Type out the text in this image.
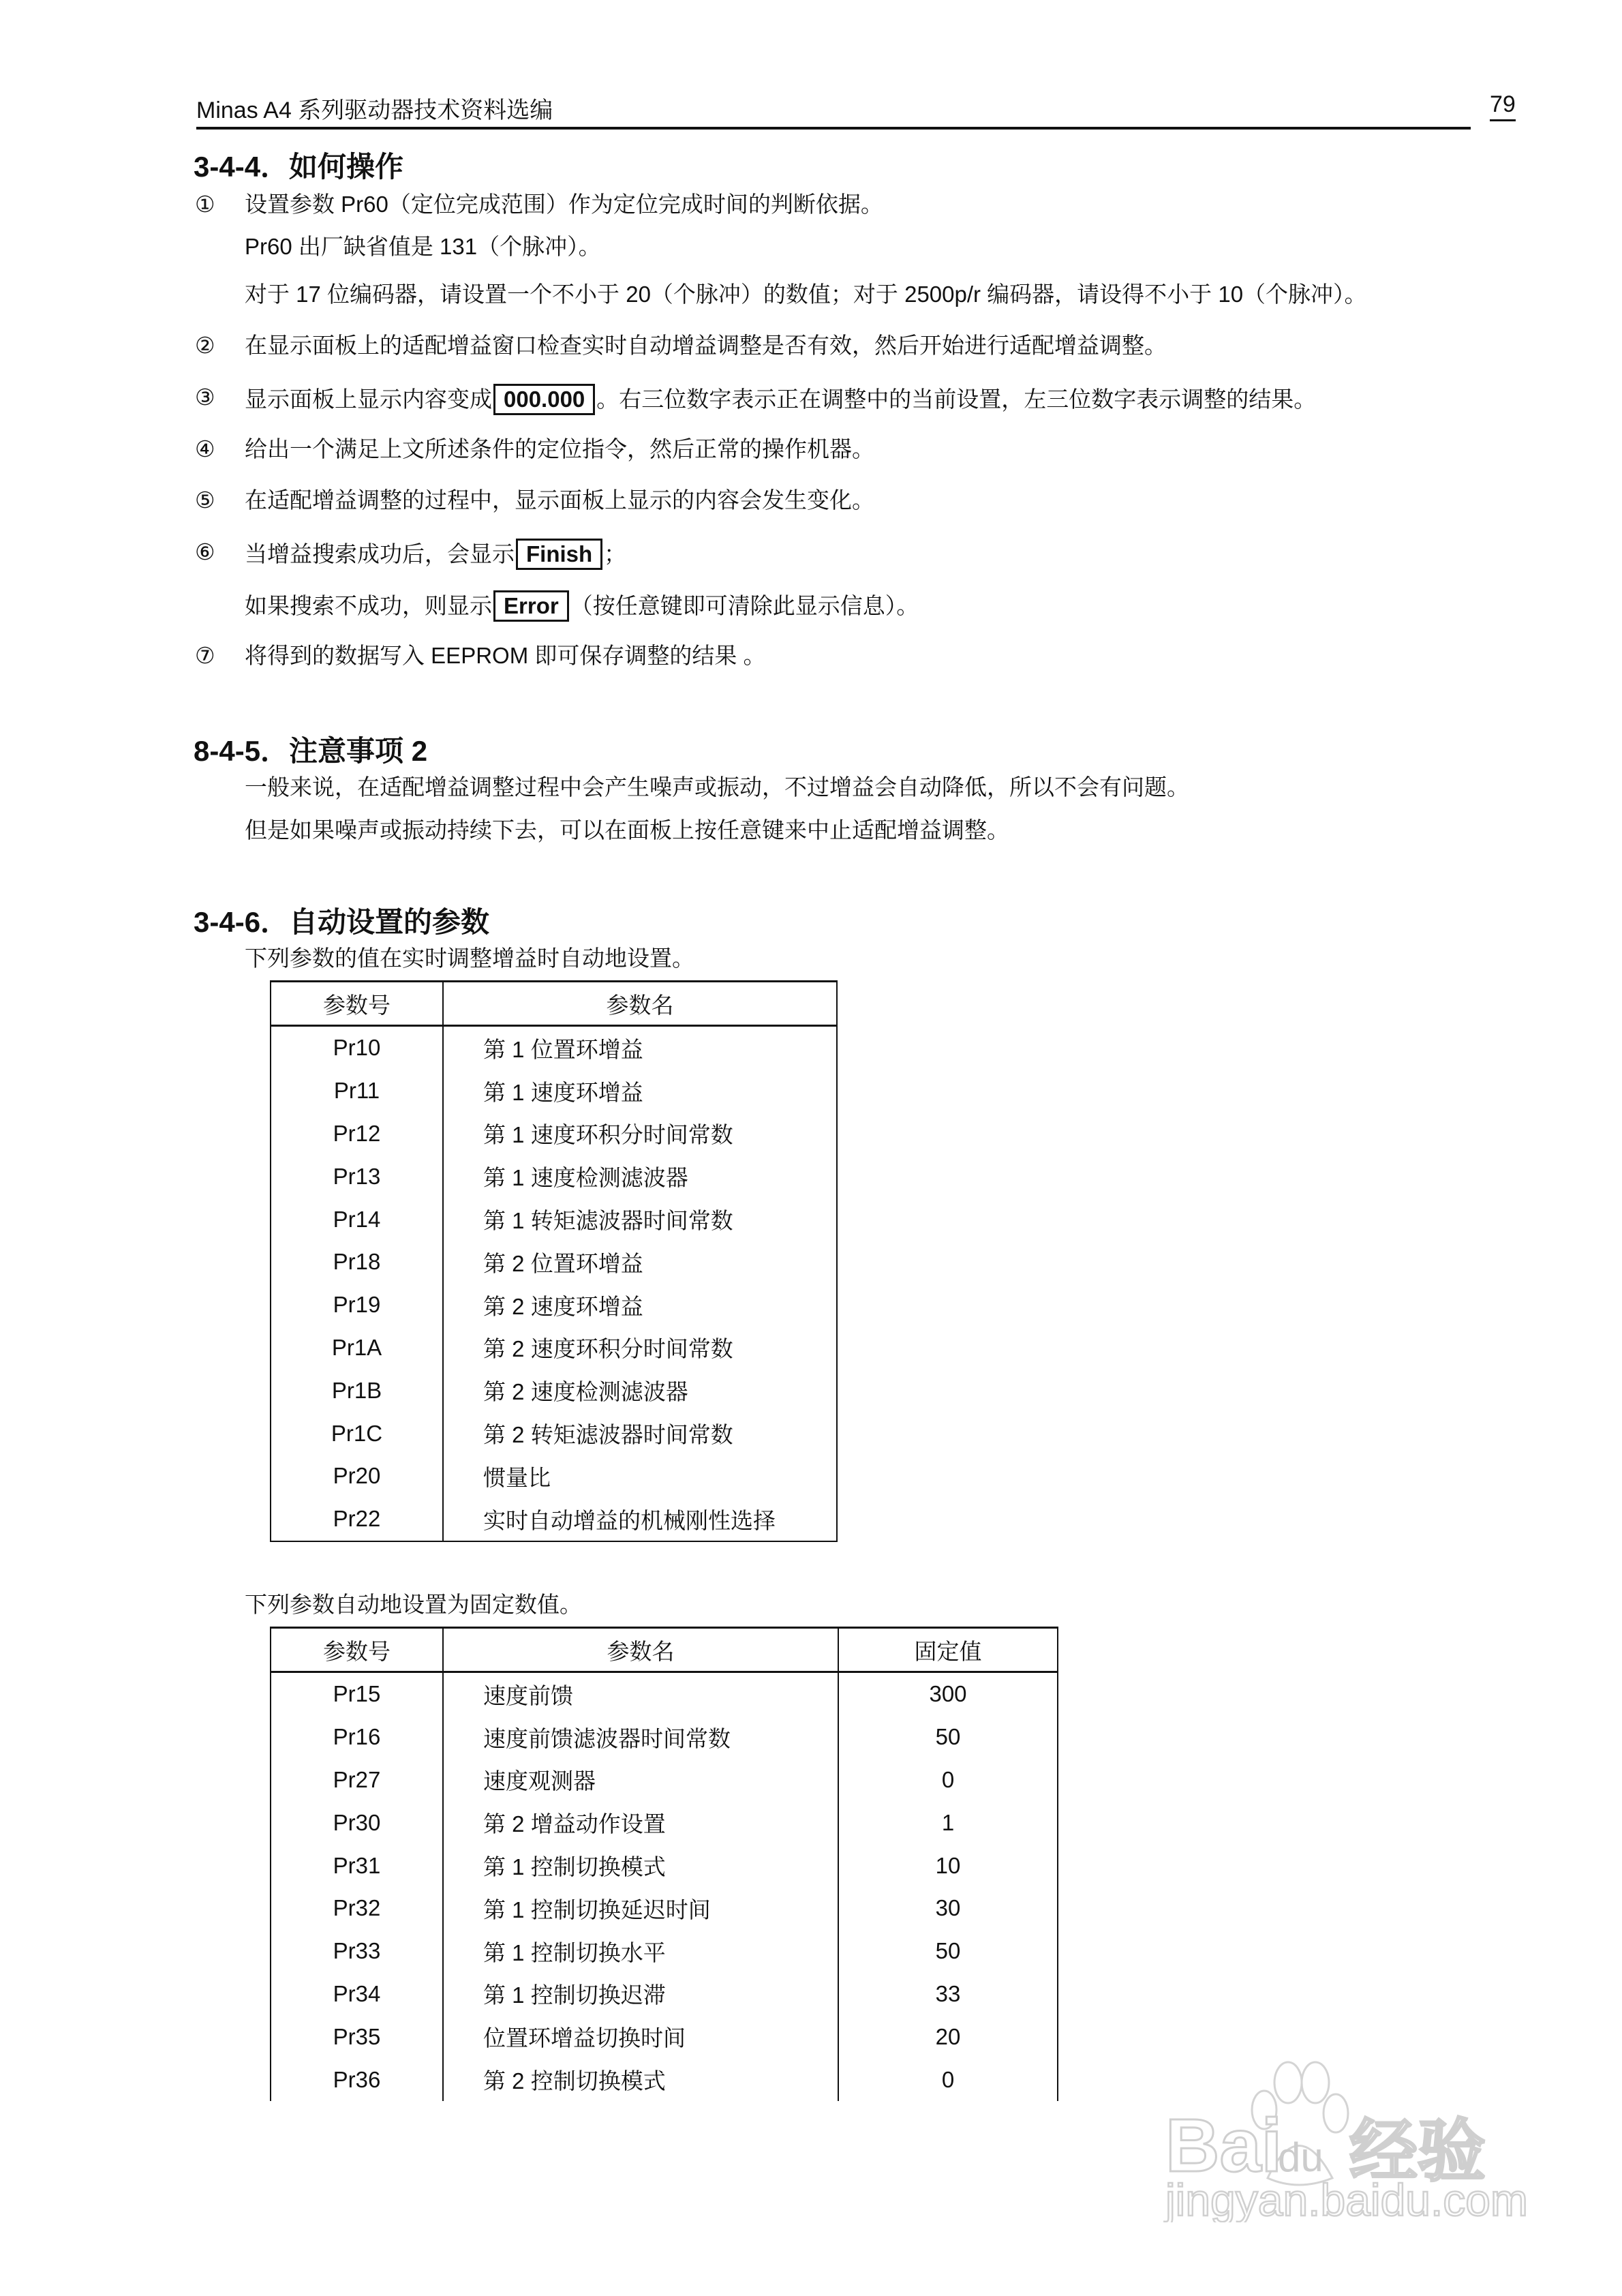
Minas A4 系列驱动器技术资料选编	79
3-4-4．如何操作
① 设置参数 Pr60（定位完成范围）作为定位完成时间的判断依据。
Pr60 出厂缺省值是 131（个脉冲）。
对于 17 位编码器，请设置一个不小于 20（个脉冲）的数值；对于 2500p/r 编码器，请设得不小于 10（个脉冲）。
② 在显示面板上的适配增益窗口检查实时自动增益调整是否有效，然后开始进行适配增益调整。
③ 显示面板上显示内容变成 000.000 。右三位数字表示正在调整中的当前设置，左三位数字表示调整的结果。
④ 给出一个满足上文所述条件的定位指令，然后正常的操作机器。
⑤ 在适配增益调整的过程中，显示面板上显示的内容会发生变化。
⑥ 当增益搜索成功后，会显示 Finish ；
如果搜索不成功，则显示 Error （按任意键即可清除此显示信息）。
⑦ 将得到的数据写入 EEPROM 即可保存调整的结果 。
8-4-5．注意事项 2
一般来说，在适配增益调整过程中会产生噪声或振动，不过增益会自动降低，所以不会有问题。
但是如果噪声或振动持续下去，可以在面板上按任意键来中止适配增益调整。
3-4-6．自动设置的参数
下列参数的值在实时调整增益时自动地设置。
参数号	参数名
Pr10	第 1 位置环增益
Pr11	第 1 速度环增益
Pr12	第 1 速度环积分时间常数
Pr13	第 1 速度检测滤波器
Pr14	第 1 转矩滤波器时间常数
Pr18	第 2 位置环增益
Pr19	第 2 速度环增益
Pr1A	第 2 速度环积分时间常数
Pr1B	第 2 速度检测滤波器
Pr1C	第 2 转矩滤波器时间常数
Pr20	惯量比
Pr22	实时自动增益的机械刚性选择
下列参数自动地设置为固定数值。
参数号	参数名	固定值
Pr15	速度前馈	300
Pr16	速度前馈滤波器时间常数	50
Pr27	速度观测器	0
Pr30	第 2 增益动作设置	1
Pr31	第 1 控制切换模式	10
Pr32	第 1 控制切换延迟时间	30
Pr33	第 1 控制切换水平	50
Pr34	第 1 控制切换迟滞	33
Pr35	位置环增益切换时间	20
Pr36	第 2 控制切换模式	0
Bai
du 经验
jingyan.baidu.com
